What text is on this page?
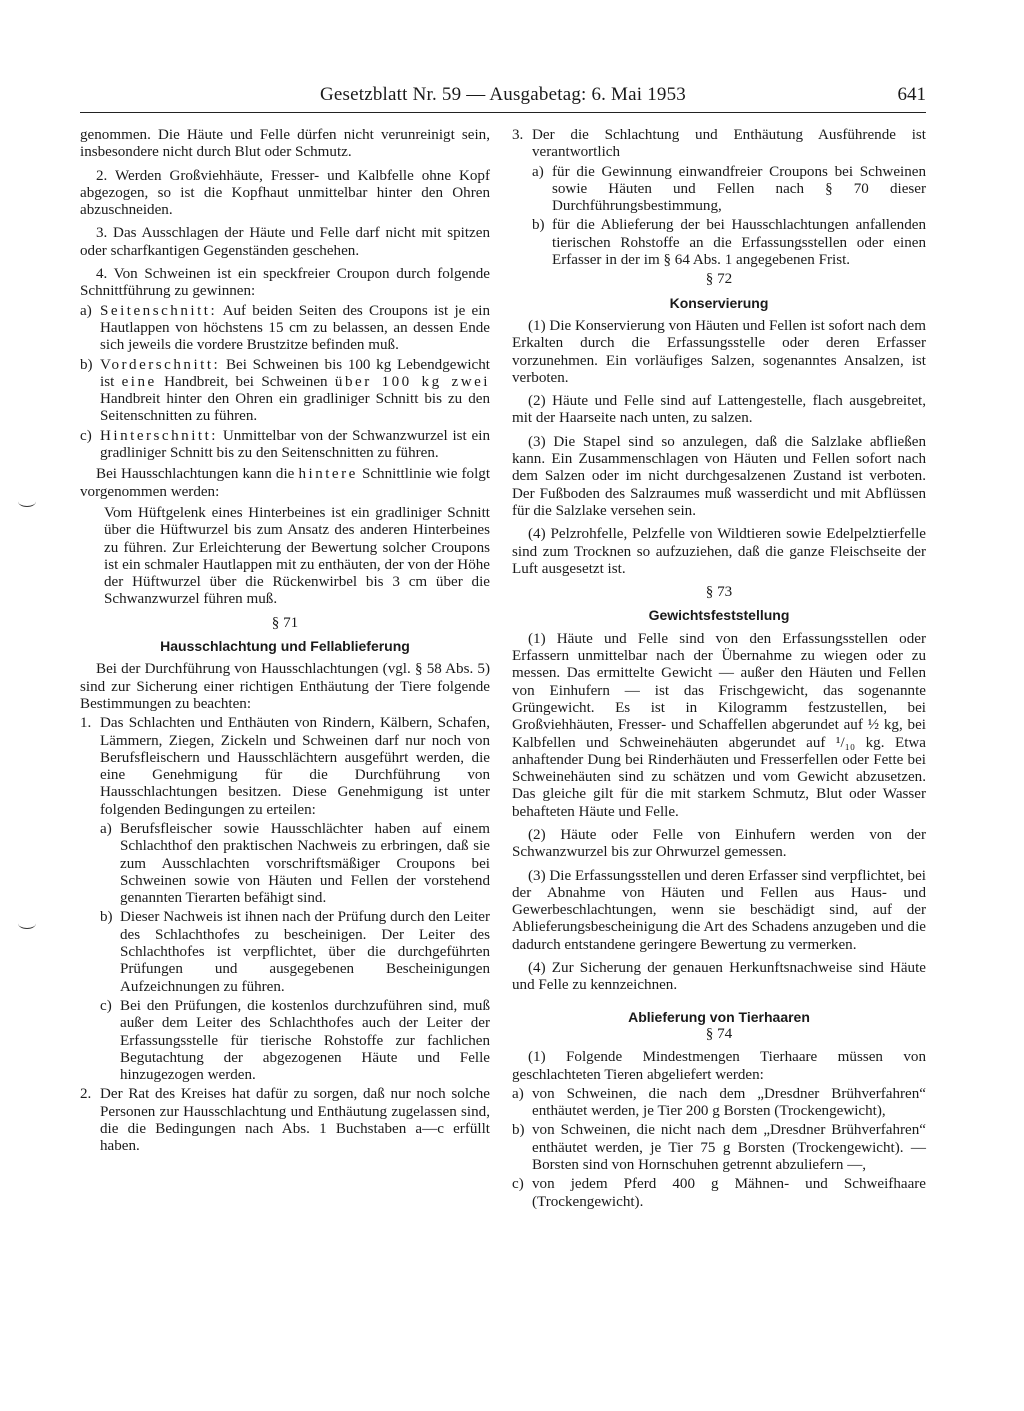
Gesetzblatt Nr. 59 — Ausgabetag: 6. Mai 1953	641

genommen. Die Häute und Felle dürfen nicht verunreinigt sein, insbesondere nicht durch Blut oder Schmutz.

2. Werden Großviehhäute, Fresser- und Kalbfelle ohne Kopf abgezogen, so ist die Kopfhaut unmittelbar hinter den Ohren abzuschneiden.

3. Das Ausschlagen der Häute und Felle darf nicht mit spitzen oder scharfkantigen Gegenständen geschehen.

4. Von Schweinen ist ein speckfreier Croupon durch folgende Schnittführung zu gewinnen:

a) Seitenschnitt: Auf beiden Seiten des Croupons ist je ein Hautlappen von höchstens 15 cm zu belassen, an dessen Ende sich jeweils die vordere Brustzitze befinden muß.
b) Vorderschnitt: Bei Schweinen bis 100 kg Lebendgewicht ist eine Handbreit, bei Schweinen über 100 kg zwei Handbreit hinter den Ohren ein gradliniger Schnitt bis zu den Seitenschnitten zu führen.
c) Hinterschnitt: Unmittelbar von der Schwanzwurzel ist ein gradliniger Schnitt bis zu den Seitenschnitten zu führen.

Bei Hausschlachtungen kann die hintere Schnittlinie wie folgt vorgenommen werden:

Vom Hüftgelenk eines Hinterbeines ist ein gradliniger Schnitt über die Hüftwurzel bis zum Ansatz des anderen Hinterbeines zu führen. Zur Erleichterung der Bewertung solcher Croupons ist ein schmaler Hautlappen mit zu enthäuten, der von der Höhe der Hüftwurzel über die Rückenwirbel bis 3 cm über die Schwanzwurzel führen muß.

§ 71

Hausschlachtung und Fellablieferung

Bei der Durchführung von Hausschlachtungen (vgl. § 58 Abs. 5) sind zur Sicherung einer richtigen Enthäutung der Tiere folgende Bestimmungen zu beachten:

1. Das Schlachten und Enthäuten von Rindern, Kälbern, Schafen, Lämmern, Ziegen, Zickeln und Schweinen darf nur noch von Berufsfleischern und Hausschlächtern ausgeführt werden, die eine Genehmigung für die Durchführung von Hausschlachtungen besitzen. Diese Genehmigung ist unter folgenden Bedingungen zu erteilen:
a) Berufsfleischer sowie Hausschlächter haben auf einem Schlachthof den praktischen Nachweis zu erbringen, daß sie zum Ausschlachten vorschriftsmäßiger Croupons bei Schweinen sowie von Häuten und Fellen der vorstehend genannten Tierarten befähigt sind.
b) Dieser Nachweis ist ihnen nach der Prüfung durch den Leiter des Schlachthofes zu bescheinigen. Der Leiter des Schlachthofes ist verpflichtet, über die durchgeführten Prüfungen und ausgegebenen Bescheinigungen Aufzeichnungen zu führen.
c) Bei den Prüfungen, die kostenlos durchzuführen sind, muß außer dem Leiter des Schlachthofes auch der Leiter der Erfassungsstelle für tierische Rohstoffe zur fachlichen Begutachtung der abgezogenen Häute und Felle hinzugezogen werden.
2. Der Rat des Kreises hat dafür zu sorgen, daß nur noch solche Personen zur Hausschlachtung und Enthäutung zugelassen sind, die die Bedingungen nach Abs. 1 Buchstaben a—c erfüllt haben.
3. Der die Schlachtung und Enthäutung Ausführende ist verantwortlich
a) für die Gewinnung einwandfreier Croupons bei Schweinen sowie Häuten und Fellen nach § 70 dieser Durchführungsbestimmung,
b) für die Ablieferung der bei Hausschlachtungen anfallenden tierischen Rohstoffe an die Erfassungsstellen oder einen Erfasser in der im § 64 Abs. 1 angegebenen Frist.

§ 72

Konservierung

(1) Die Konservierung von Häuten und Fellen ist sofort nach dem Erkalten durch die Erfassungsstelle oder deren Erfasser vorzunehmen. Ein vorläufiges Salzen, sogenanntes Ansalzen, ist verboten.

(2) Häute und Felle sind auf Lattengestelle, flach ausgebreitet, mit der Haarseite nach unten, zu salzen.

(3) Die Stapel sind so anzulegen, daß die Salzlake abfließen kann. Ein Zusammenschlagen von Häuten und Fellen sofort nach dem Salzen oder im nicht durchgesalzenen Zustand ist verboten. Der Fußboden des Salzraumes muß wasserdicht und mit Abflüssen für die Salzlake versehen sein.

(4) Pelzrohfelle, Pelzfelle von Wildtieren sowie Edelpelztierfelle sind zum Trocknen so aufzuziehen, daß die ganze Fleischseite der Luft ausgesetzt ist.

§ 73

Gewichtsfeststellung

(1) Häute und Felle sind von den Erfassungsstellen oder Erfassern unmittelbar nach der Übernahme zu wiegen oder zu messen. Das ermittelte Gewicht — außer den Häuten und Fellen von Einhufern — ist das Frischgewicht, das sogenannte Grüngewicht. Es ist in Kilogramm festzustellen, bei Großviehhäuten, Fresser- und Schaffellen abgerundet auf ½ kg, bei Kalbfellen und Schweinehäuten abgerundet auf ¹/₁₀ kg. Etwa anhaftender Dung bei Rinderhäuten und Fresserfellen oder Fette bei Schweinehäuten sind zu schätzen und vom Gewicht abzusetzen. Das gleiche gilt für die mit starkem Schmutz, Blut oder Wasser behafteten Häute und Felle.

(2) Häute oder Felle von Einhufern werden von der Schwanzwurzel bis zur Ohrwurzel gemessen.

(3) Die Erfassungsstellen und deren Erfasser sind verpflichtet, bei der Abnahme von Häuten und Fellen aus Haus- und Gewerbeschlachtungen, wenn sie beschädigt sind, auf der Ablieferungsbescheinigung die Art des Schadens anzugeben und die dadurch entstandene geringere Bewertung zu vermerken.

(4) Zur Sicherung der genauen Herkunftsnachweise sind Häute und Felle zu kennzeichnen.

Ablieferung von Tierhaaren

§ 74

(1) Folgende Mindestmengen Tierhaare müssen von geschlachteten Tieren abgeliefert werden:

a) von Schweinen, die nach dem „Dresdner Brühverfahren“ enthäutet werden, je Tier 200 g Borsten (Trockengewicht),
b) von Schweinen, die nicht nach dem „Dresdner Brühverfahren“ enthäutet werden, je Tier 75 g Borsten (Trockengewicht). — Borsten sind von Hornschuhen getrennt abzuliefern —,
c) von jedem Pferd 400 g Mähnen- und Schweifhaare (Trockengewicht).
